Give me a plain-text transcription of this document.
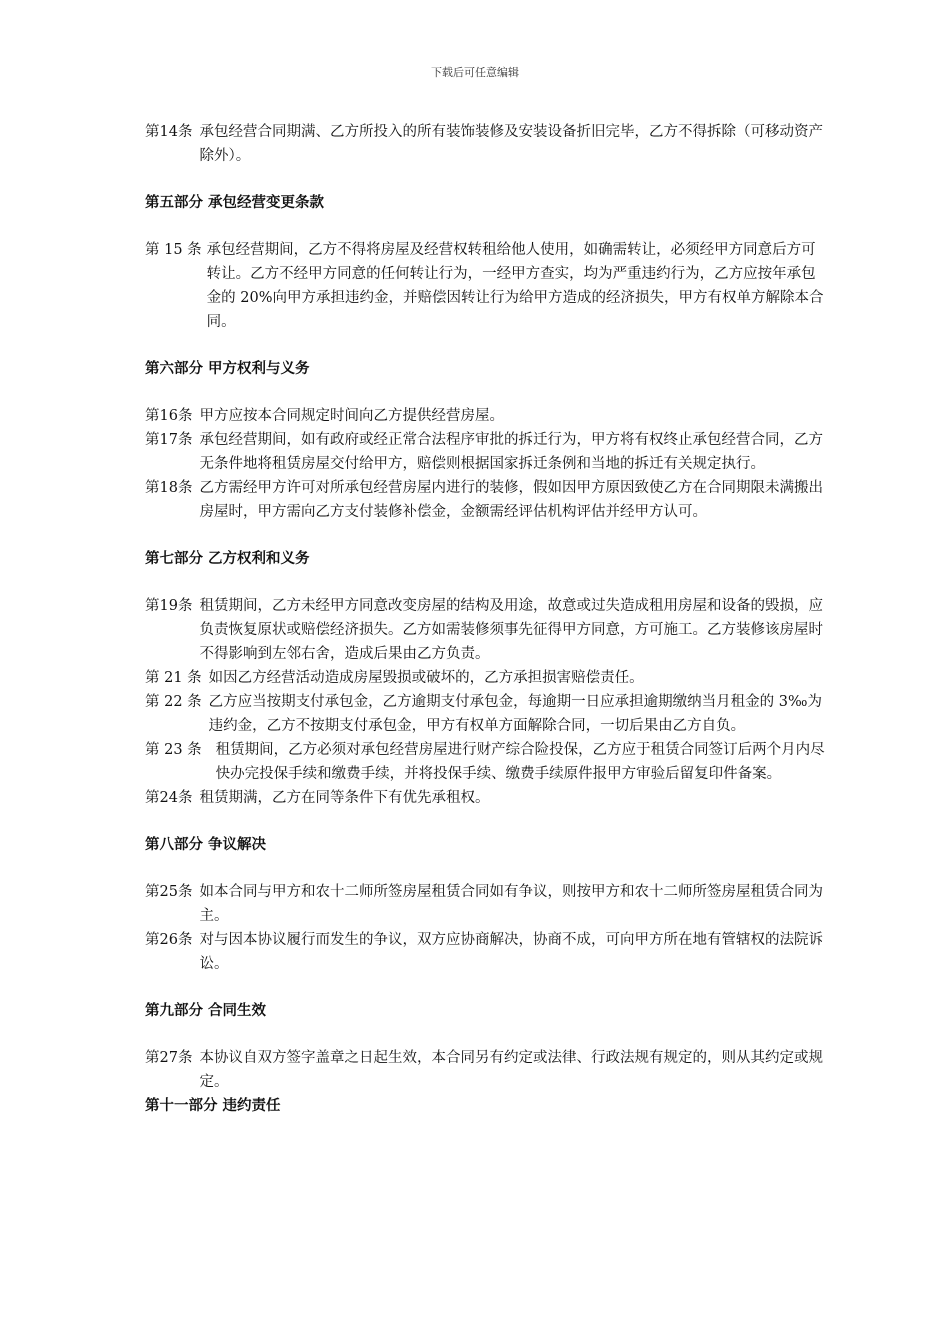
下载后可任意编辑
第14条 承包经营合同期满、乙方所投入的所有装饰装修及安装设备折旧完毕，乙方不得拆除（可移动资产除外）。
第五部分 承包经营变更条款
第 15 条 承包经营期间，乙方不得将房屋及经营权转租给他人使用，如确需转让，必须经甲方同意后方可转让。乙方不经甲方同意的任何转让行为，一经甲方查实，均为严重违约行为，乙方应按年承包金的 20%向甲方承担违约金，并赔偿因转让行为给甲方造成的经济损失，甲方有权单方解除本合同。
第六部分 甲方权利与义务
第16条 甲方应按本合同规定时间向乙方提供经营房屋。
第17条 承包经营期间，如有政府或经正常合法程序审批的拆迁行为，甲方将有权终止承包经营合同，乙方无条件地将租赁房屋交付给甲方，赔偿则根据国家拆迁条例和当地的拆迁有关规定执行。
第18条 乙方需经甲方许可对所承包经营房屋内进行的装修，假如因甲方原因致使乙方在合同期限未满搬出房屋时，甲方需向乙方支付装修补偿金，金额需经评估机构评估并经甲方认可。
第七部分 乙方权利和义务
第19条 租赁期间，乙方未经甲方同意改变房屋的结构及用途，故意或过失造成租用房屋和设备的毁损，应负责恢复原状或赔偿经济损失。乙方如需装修须事先征得甲方同意，方可施工。乙方装修该房屋时不得影响到左邻右舍，造成后果由乙方负责。
第 21 条 如因乙方经营活动造成房屋毁损或破坏的，乙方承担损害赔偿责任。
第 22 条 乙方应当按期支付承包金，乙方逾期支付承包金，每逾期一日应承担逾期缴纳当月租金的 3‰为违约金，乙方不按期支付承包金，甲方有权单方面解除合同，一切后果由乙方自负。
第 23 条 租赁期间，乙方必须对承包经营房屋进行财产综合险投保，乙方应于租赁合同签订后两个月内尽快办完投保手续和缴费手续，并将投保手续、缴费手续原件报甲方审验后留复印件备案。
第24条 租赁期满，乙方在同等条件下有优先承租权。
第八部分 争议解决
第25条 如本合同与甲方和农十二师所签房屋租赁合同如有争议，则按甲方和农十二师所签房屋租赁合同为主。
第26条 对与因本协议履行而发生的争议，双方应协商解决，协商不成，可向甲方所在地有管辖权的法院诉讼。
第九部分 合同生效
第27条 本协议自双方签字盖章之日起生效，本合同另有约定或法律、行政法规有规定的，则从其约定或规定。
第十一部分 违约责任
